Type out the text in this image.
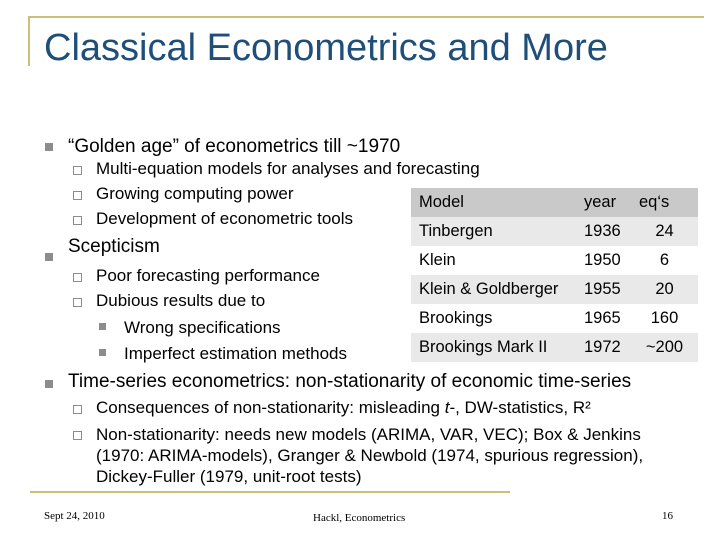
Classical Econometrics and More
“Golden age” of econometrics till ~1970
Multi-equation models for analyses and forecasting
Growing computing power
Development of econometric tools
Scepticism
Poor forecasting performance
Dubious results due to
Wrong specifications
Imperfect estimation methods
Time-series econometrics: non-stationarity of economic time-series
Consequences of non-stationarity: misleading t-, DW-statistics, R²
Non-stationarity: needs new models (ARIMA, VAR, VEC); Box & Jenkins (1970: ARIMA-models), Granger & Newbold (1974, spurious regression), Dickey-Fuller (1979, unit-root tests)
Model	year	eq‘s
Tinbergen	1936	24
Klein	1950	6
Klein & Goldberger	1955	20
Brookings	1965	160
Brookings Mark II	1972	~200
Sept 24, 2010	Hackl, Econometrics	16
